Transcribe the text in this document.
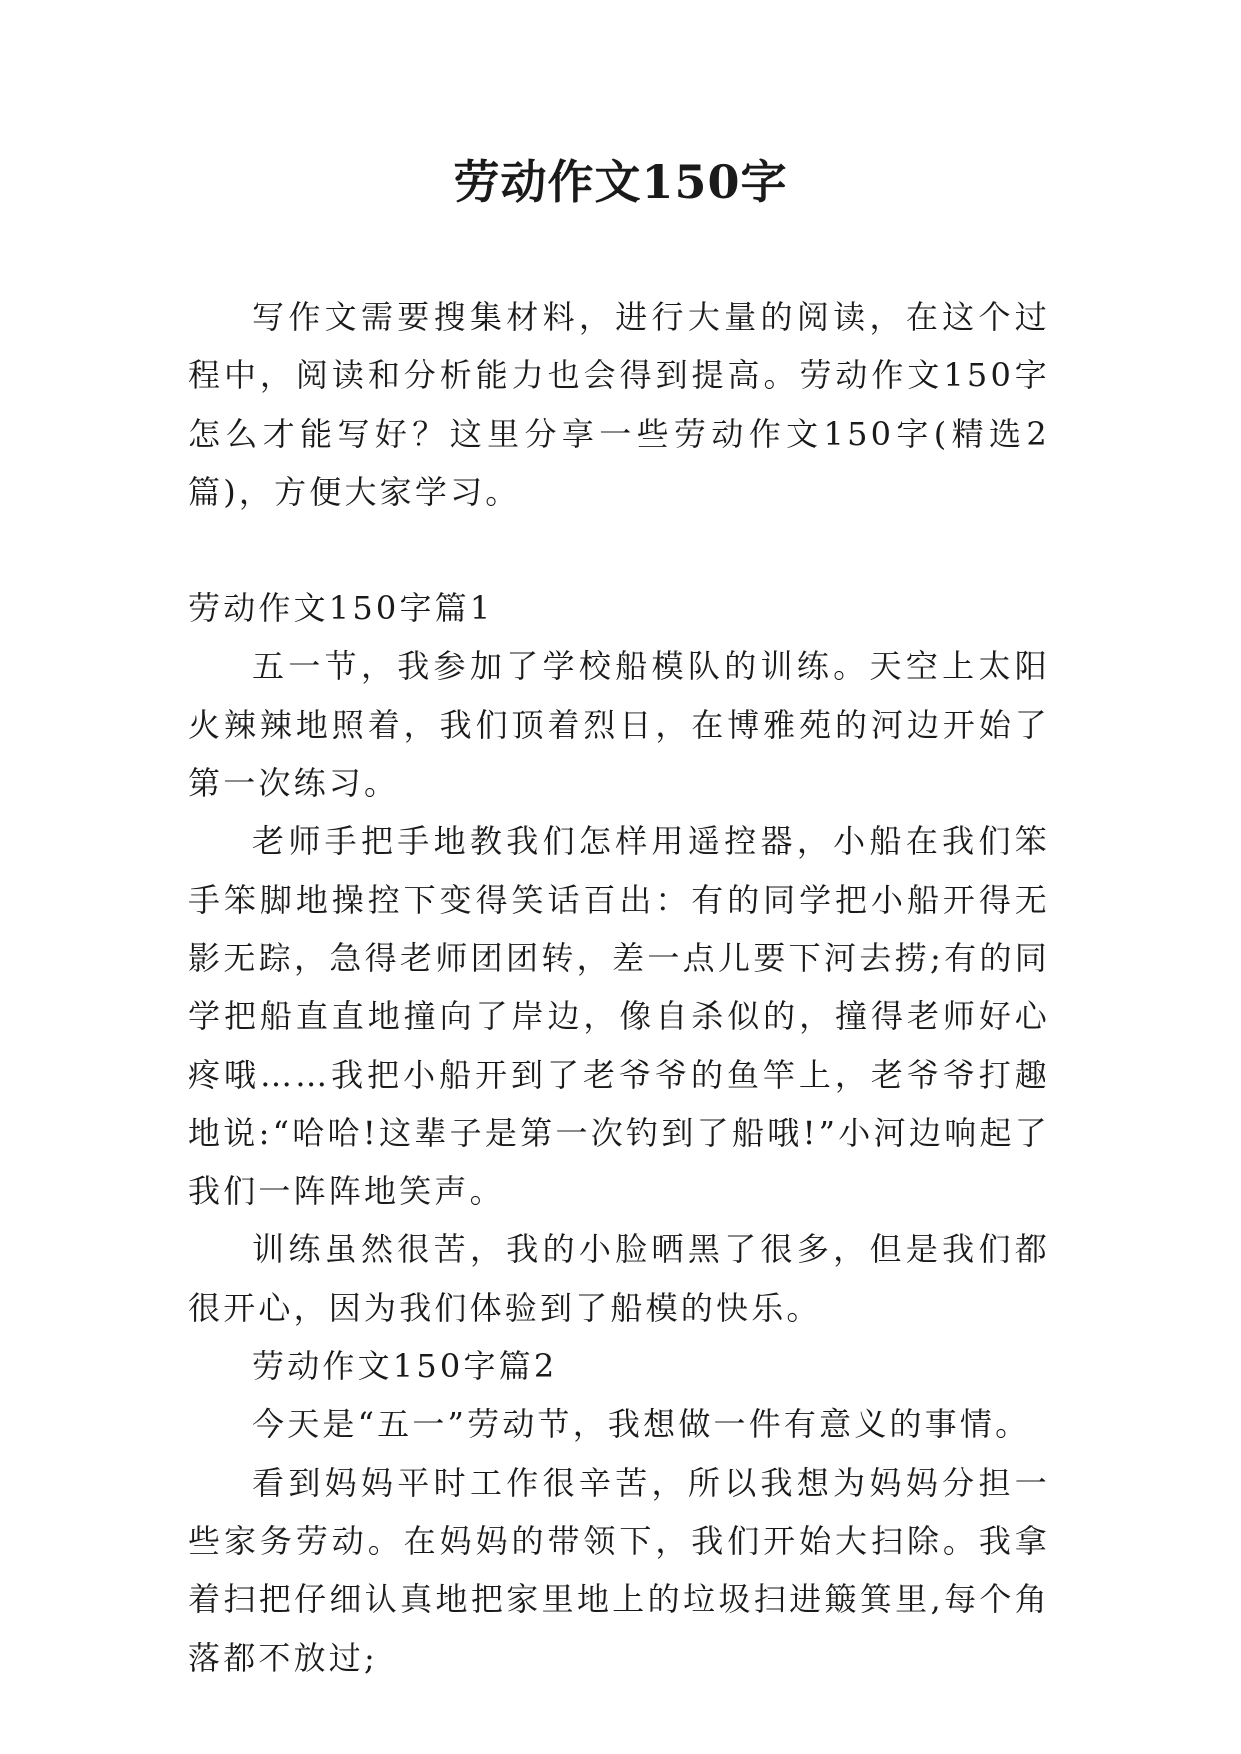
劳动作文150字

写作文需要搜集材料，进行大量的阅读，在这个过程中，阅读和分析能力也会得到提高。劳动作文150字怎么才能写好？这里分享一些劳动作文150字(精选2篇)，方便大家学习。

劳动作文150字篇1

五一节，我参加了学校船模队的训练。天空上太阳火辣辣地照着，我们顶着烈日，在博雅苑的河边开始了第一次练习。

老师手把手地教我们怎样用遥控器，小船在我们笨手笨脚地操控下变得笑话百出：有的同学把小船开得无影无踪，急得老师团团转，差一点儿要下河去捞;有的同学把船直直地撞向了岸边，像自杀似的，撞得老师好心疼哦……我把小船开到了老爷爷的鱼竿上，老爷爷打趣地说:“哈哈!这辈子是第一次钓到了船哦!”小河边响起了我们一阵阵地笑声。

训练虽然很苦，我的小脸晒黑了很多，但是我们都很开心，因为我们体验到了船模的快乐。

劳动作文150字篇2

今天是“五一”劳动节，我想做一件有意义的事情。

看到妈妈平时工作很辛苦，所以我想为妈妈分担一些家务劳动。在妈妈的带领下，我们开始大扫除。我拿着扫把仔细认真地把家里地上的垃圾扫进簸箕里,每个角落都不放过;
